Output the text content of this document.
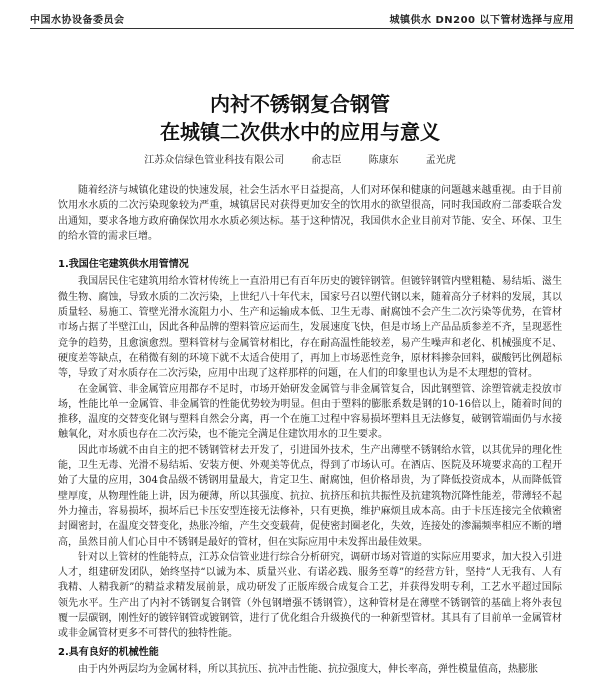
中国水协设备委员会	城镇供水 DN200 以下管材选择与应用
内衬不锈钢复合钢管
在城镇二次供水中的应用与意义
江苏众信绿色管业科技有限公司	俞志臣	陈康东	孟光虎

随着经济与城镇化建设的快速发展，社会生活水平日益提高，人们对环保和健康的问题越来越重视。由于目前饮用水水质的二次污染现象较为严重，城镇居民对获得更加安全的饮用水的欲望很高，同时我国政府二部委联合发出通知，要求各地方政府确保饮用水水质必须达标。基于这种情况，我国供水企业目前对节能、安全、环保、卫生的给水管的需求巨增。

1.我国住宅建筑供水用管情况

我国居民住宅建筑用给水管材传统上一直沿用已有百年历史的镀锌钢管。但镀锌钢管内壁粗糙、易结垢、滋生微生物、腐蚀，导致水质的二次污染，上世纪八十年代末，国家号召以塑代钢以来，随着高分子材料的发展，其以质量轻、易施工、管壁光滑水流阻力小、生产和运输成本低、卫生无毒、耐腐蚀不会产生二次污染等优势，在管材市场占据了半壁江山，因此各种品牌的塑料管应运而生，发展速度飞快，但是市场上产品品质参差不齐，呈现恶性竞争的趋势，且愈演愈烈。塑料管材与金属管材相比，存在耐高温性能较差，易产生噪声和老化、机械强度不足、硬度差等缺点，在稍微有刻的环境下就不太适合使用了，再加上市场恶性竞争，原材料掺杂回料，碳酸钙比例超标等，导致了对水质存在二次污染，应用中出现了这样那样的问题，在人们的印象里也认为是不太理想的管材。

在金属管、非金属管应用都存不足时，市场开始研发金属管与非金属管复合，因此钢塑管、涂塑管就走投放市场，性能比单一金属管、非金属管的性能优势较为明显。但由于塑料的膨胀系数是钢的10-16倍以上，随着时间的推移，温度的交替变化钢与塑料自然会分离，再一个在施工过程中容易损坏塑料且无法修复，破钢管端面仍与水接触氧化，对水质也存在二次污染，也不能完全满足住建饮用水的卫生要求。

因此市场就不由自主的把不锈钢管材去开发了，引进国外技术，生产出薄壁不锈钢给水管，以其优异的理化性能，卫生无毒、光滑不易结垢、安装方便、外观美等优点，得到了市场认可。在酒店、医院及环境要求高的工程开始了大量的应用，304食品级不锈钢用量最大，肯定卫生、耐腐蚀，但价格昂贵，为了降低投资成本，从而降低管壁厚度，从物理性能上讲，因为硬薄，所以其强度、抗拉、抗挤压和抗共振性及抗建筑物沉降性能差，带薄轻不起外力撞击，容易损坏，损坏后已卡压安型连接无法修补，只有更换，维护麻烦且成本高。由于卡压连接完全依赖密封圈密封，在温度交替变化，热胀冷缩，产生交变载荷，促使密封圈老化，失效，连接处的渗漏频率相应不断的增高，虽然目前人们心目中不锈钢是最好的管材，但在实际应用中未发挥出最佳效果。

针对以上管材的性能特点，江苏众信管业进行综合分析研究，调研市场对管道的实际应用要求，加大投入引进人才，组建研发团队，始终坚持“以诚为本、质量兴业、有诺必践、服务至尊”的经营方针，坚持“人无我有、人有我精、人精我新”的精益求精发展前景，成功研发了正版库级合成复合工艺，并获得发明专利，工艺水平超过国际领先水平。生产出了内衬不锈钢复合钢管（外包钢增强不锈钢管），这种管材是在薄壁不锈钢管的基础上将外表包覆一层碳钢，刚性好的镀锌钢管或镀钢管，进行了优化组合升级换代的一种新型管材。其具有了目前单一金属管材或非金属管材更多不可替代的独特性能。

2.具有良好的机械性能

由于内外两层均为金属材料，所以其抗压、抗冲击性能、抗拉强度大，伸长率高，弹性模量值高，热膨胀
